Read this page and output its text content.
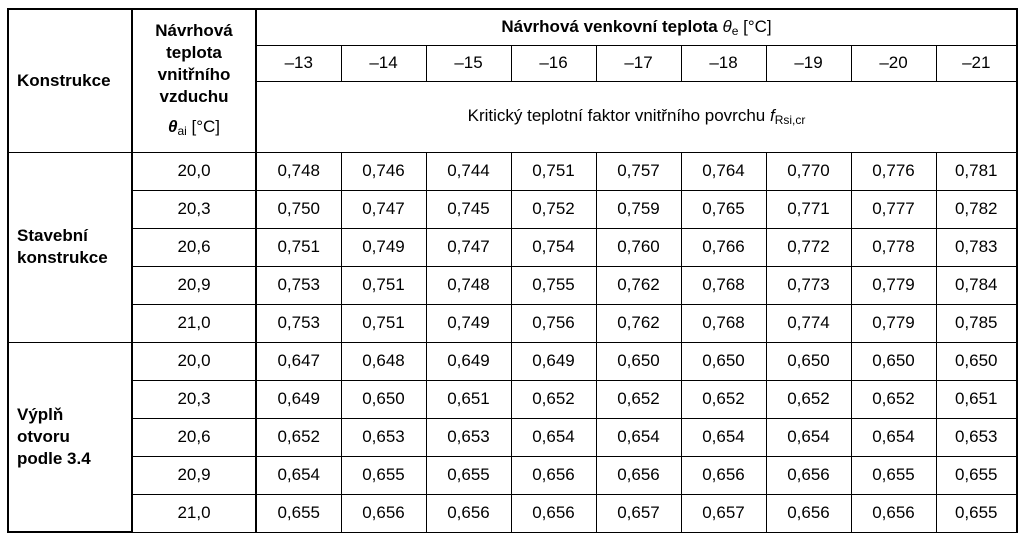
Konstrukce	Návrhová
teplota
vnitřního
vzduchu
$\theta_{ai}$ [°C]	Návrhová venkovní teplota $\theta_e$ [°C]								
		–13	–14	–15	–16	–17	–18	–19	–20	–21
		Kritický teplotní faktor vnitřního povrchu $f_{Rsi,cr}$
Stavební
konstrukce	20,0	0,748	0,746	0,744	0,751	0,757	0,764	0,770	0,776	0,781
	20,3	0,750	0,747	0,745	0,752	0,759	0,765	0,771	0,777	0,782
	20,6	0,751	0,749	0,747	0,754	0,760	0,766	0,772	0,778	0,783
	20,9	0,753	0,751	0,748	0,755	0,762	0,768	0,773	0,779	0,784
	21,0	0,753	0,751	0,749	0,756	0,762	0,768	0,774	0,779	0,785
Výplň
otvoru
podle 3.4	20,0	0,647	0,648	0,649	0,649	0,650	0,650	0,650	0,650	0,650
	20,3	0,649	0,650	0,651	0,652	0,652	0,652	0,652	0,652	0,651
	20,6	0,652	0,653	0,653	0,654	0,654	0,654	0,654	0,654	0,653
	20,9	0,654	0,655	0,655	0,656	0,656	0,656	0,656	0,655	0,655
	21,0	0,655	0,656	0,656	0,656	0,657	0,657	0,656	0,656	0,655
